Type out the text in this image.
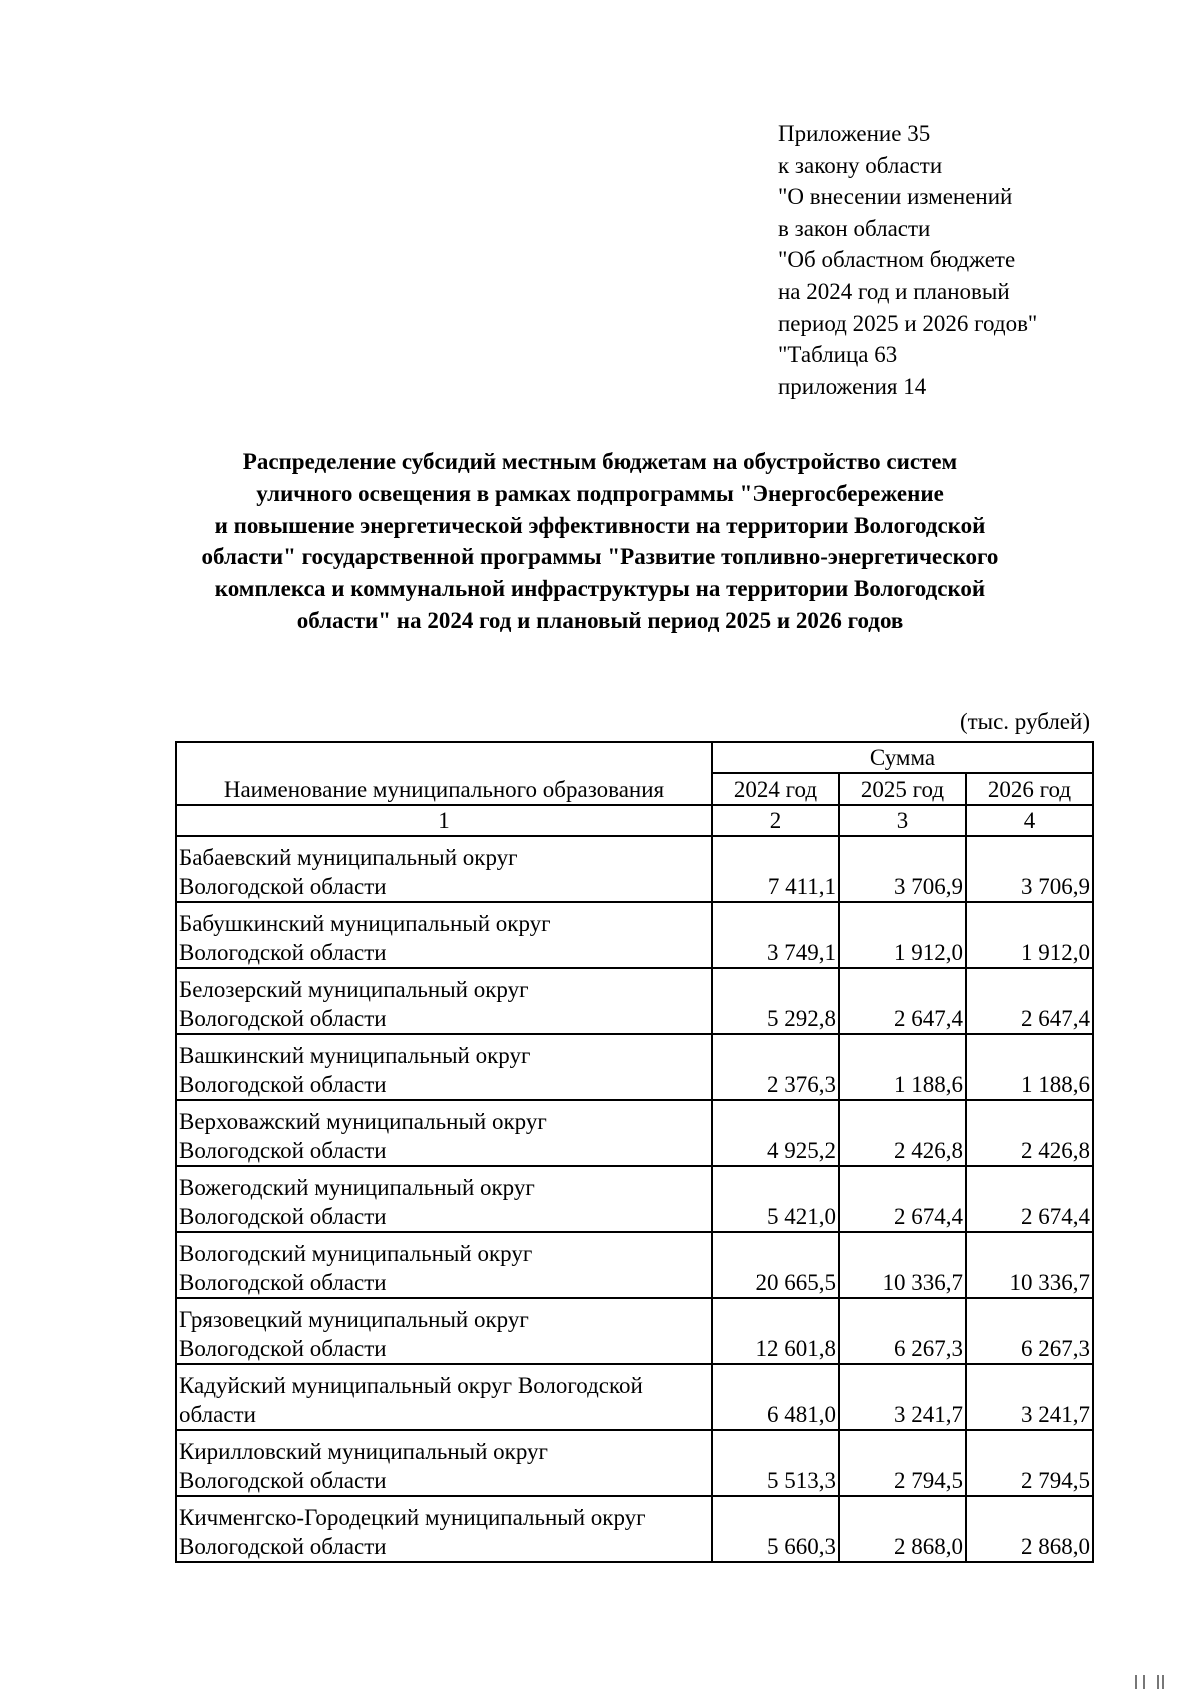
Приложение 35
к закону области
"О внесении изменений
в закон области
"Об областном бюджете
на 2024 год и плановый
период 2025 и 2026 годов"
"Таблица 63
приложения 14
Распределение субсидий местным бюджетам на обустройство систем
уличного освещения в рамках подпрограммы "Энергосбережение
и повышение энергетической эффективности на территории Вологодской
области" государственной программы "Развитие топливно-энергетического
комплекса и коммунальной инфраструктуры на территории Вологодской
области" на 2024 год и плановый период 2025 и 2026 годов
(тыс. рублей)
Наименование муниципального образования	Сумма		
	2024 год	2025 год	2026 год
1	2	3	4

Бабаевский муниципальный округ
Вологодской области	7 411,1	3 706,9	3 706,9

Бабушкинский муниципальный округ
Вологодской области	3 749,1	1 912,0	1 912,0

Белозерский муниципальный округ
Вологодской области	5 292,8	2 647,4	2 647,4

Вашкинский муниципальный округ
Вологодской области	2 376,3	1 188,6	1 188,6

Верховажский муниципальный округ
Вологодской области	4 925,2	2 426,8	2 426,8

Вожегодский муниципальный округ
Вологодской области	5 421,0	2 674,4	2 674,4

Вологодский муниципальный округ
Вологодской области	20 665,5	10 336,7	10 336,7

Грязовецкий муниципальный округ
Вологодской области	12 601,8	6 267,3	6 267,3

Кадуйский муниципальный округ Вологодской
области	6 481,0	3 241,7	3 241,7

Кирилловский муниципальный округ
Вологодской области	5 513,3	2 794,5	2 794,5

Кичменгско-Городецкий муниципальный округ
Вологодской области	5 660,3	2 868,0	2 868,0
